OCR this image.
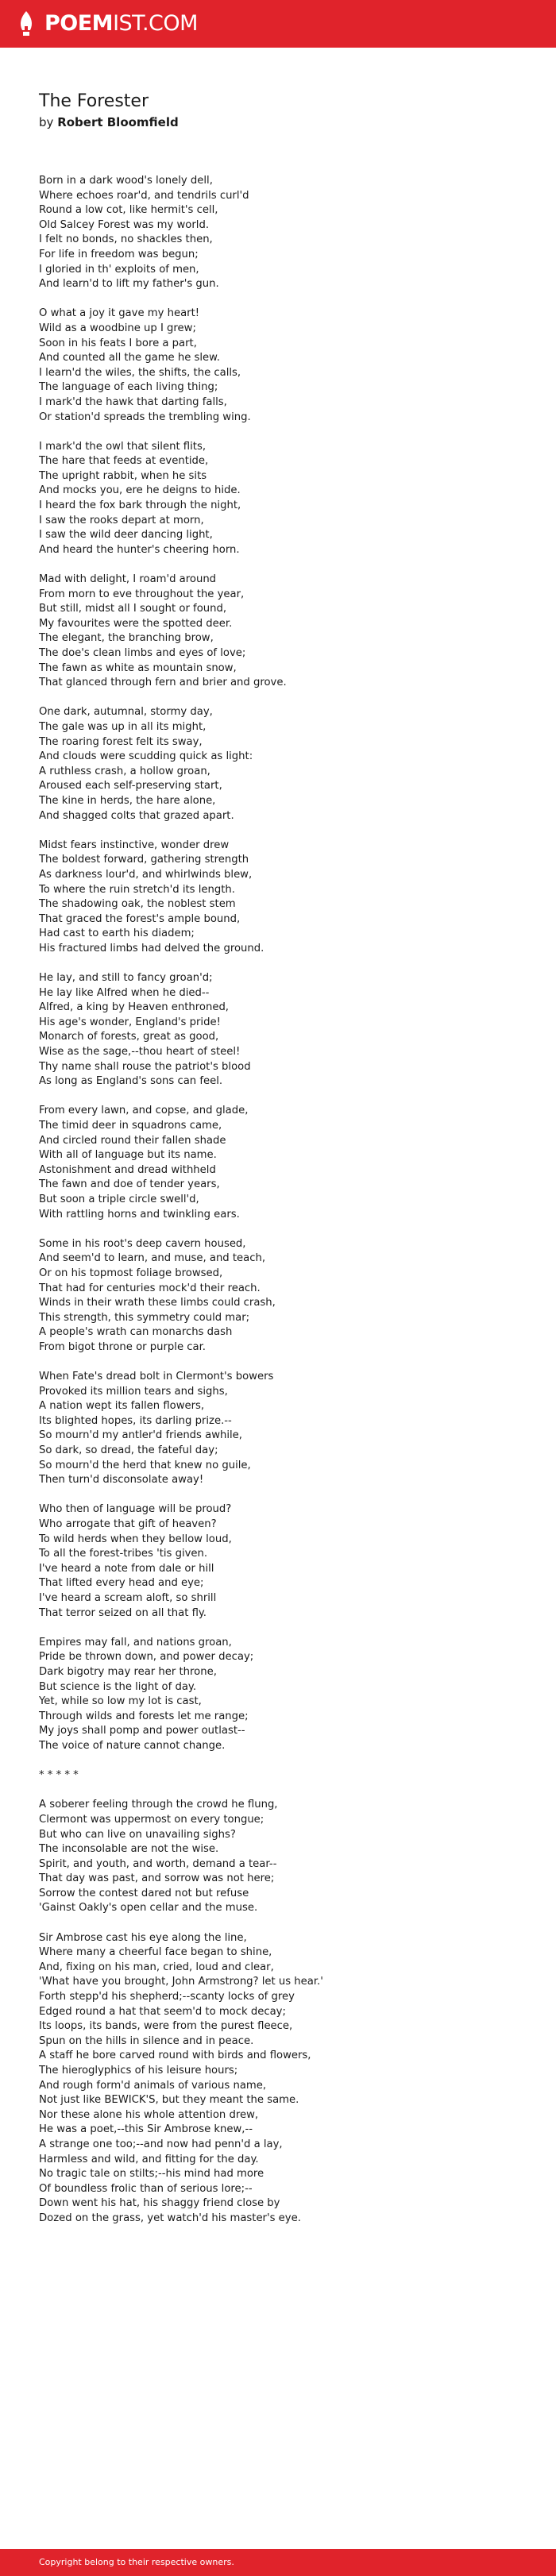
POEMIST.COM
The Forester
by Robert Bloomfield
Born in a dark wood's lonely dell,
Where echoes roar'd, and tendrils curl'd
Round a low cot, like hermit's cell,
Old Salcey Forest was my world.
I felt no bonds, no shackles then,
For life in freedom was begun;
I gloried in th' exploits of men,
And learn'd to lift my father's gun.
O what a joy it gave my heart!
Wild as a woodbine up I grew;
Soon in his feats I bore a part,
And counted all the game he slew.
I learn'd the wiles, the shifts, the calls,
The language of each living thing;
I mark'd the hawk that darting falls,
Or station'd spreads the trembling wing.
I mark'd the owl that silent flits,
The hare that feeds at eventide,
The upright rabbit, when he sits
And mocks you, ere he deigns to hide.
I heard the fox bark through the night,
I saw the rooks depart at morn,
I saw the wild deer dancing light,
And heard the hunter's cheering horn.
Mad with delight, I roam'd around
From morn to eve throughout the year,
But still, midst all I sought or found,
My favourites were the spotted deer.
The elegant, the branching brow,
The doe's clean limbs and eyes of love;
The fawn as white as mountain snow,
That glanced through fern and brier and grove.
One dark, autumnal, stormy day,
The gale was up in all its might,
The roaring forest felt its sway,
And clouds were scudding quick as light:
A ruthless crash, a hollow groan,
Aroused each self-preserving start,
The kine in herds, the hare alone,
And shagged colts that grazed apart.
Midst fears instinctive, wonder drew
The boldest forward, gathering strength
As darkness lour'd, and whirlwinds blew,
To where the ruin stretch'd its length.
The shadowing oak, the noblest stem
That graced the forest's ample bound,
Had cast to earth his diadem;
His fractured limbs had delved the ground.
He lay, and still to fancy groan'd;
He lay like Alfred when he died--
Alfred, a king by Heaven enthroned,
His age's wonder, England's pride!
Monarch of forests, great as good,
Wise as the sage,--thou heart of steel!
Thy name shall rouse the patriot's blood
As long as England's sons can feel.
From every lawn, and copse, and glade,
The timid deer in squadrons came,
And circled round their fallen shade
With all of language but its name.
Astonishment and dread withheld
The fawn and doe of tender years,
But soon a triple circle swell'd,
With rattling horns and twinkling ears.
Some in his root's deep cavern housed,
And seem'd to learn, and muse, and teach,
Or on his topmost foliage browsed,
That had for centuries mock'd their reach.
Winds in their wrath these limbs could crash,
This strength, this symmetry could mar;
A people's wrath can monarchs dash
From bigot throne or purple car.
When Fate's dread bolt in Clermont's bowers
Provoked its million tears and sighs,
A nation wept its fallen flowers,
Its blighted hopes, its darling prize.--
So mourn'd my antler'd friends awhile,
So dark, so dread, the fateful day;
So mourn'd the herd that knew no guile,
Then turn'd disconsolate away!
Who then of language will be proud?
Who arrogate that gift of heaven?
To wild herds when they bellow loud,
To all the forest-tribes 'tis given.
I've heard a note from dale or hill
That lifted every head and eye;
I've heard a scream aloft, so shrill
That terror seized on all that fly.
Empires may fall, and nations groan,
Pride be thrown down, and power decay;
Dark bigotry may rear her throne,
But science is the light of day.
Yet, while so low my lot is cast,
Through wilds and forests let me range;
My joys shall pomp and power outlast--
The voice of nature cannot change.
* * * * *
A soberer feeling through the crowd he flung,
Clermont was uppermost on every tongue;
But who can live on unavailing sighs?
The inconsolable are not the wise.
Spirit, and youth, and worth, demand a tear--
That day was past, and sorrow was not here;
Sorrow the contest dared not but refuse
'Gainst Oakly's open cellar and the muse.
Sir Ambrose cast his eye along the line,
Where many a cheerful face began to shine,
And, fixing on his man, cried, loud and clear,
'What have you brought, John Armstrong? let us hear.'
Forth stepp'd his shepherd;--scanty locks of grey
Edged round a hat that seem'd to mock decay;
Its loops, its bands, were from the purest fleece,
Spun on the hills in silence and in peace.
A staff he bore carved round with birds and flowers,
The hieroglyphics of his leisure hours;
And rough form'd animals of various name,
Not just like BEWICK'S, but they meant the same.
Nor these alone his whole attention drew,
He was a poet,--this Sir Ambrose knew,--
A strange one too;--and now had penn'd a lay,
Harmless and wild, and fitting for the day.
No tragic tale on stilts;--his mind had more
Of boundless frolic than of serious lore;--
Down went his hat, his shaggy friend close by
Dozed on the grass, yet watch'd his master's eye.
Copyright belong to their respective owners.
